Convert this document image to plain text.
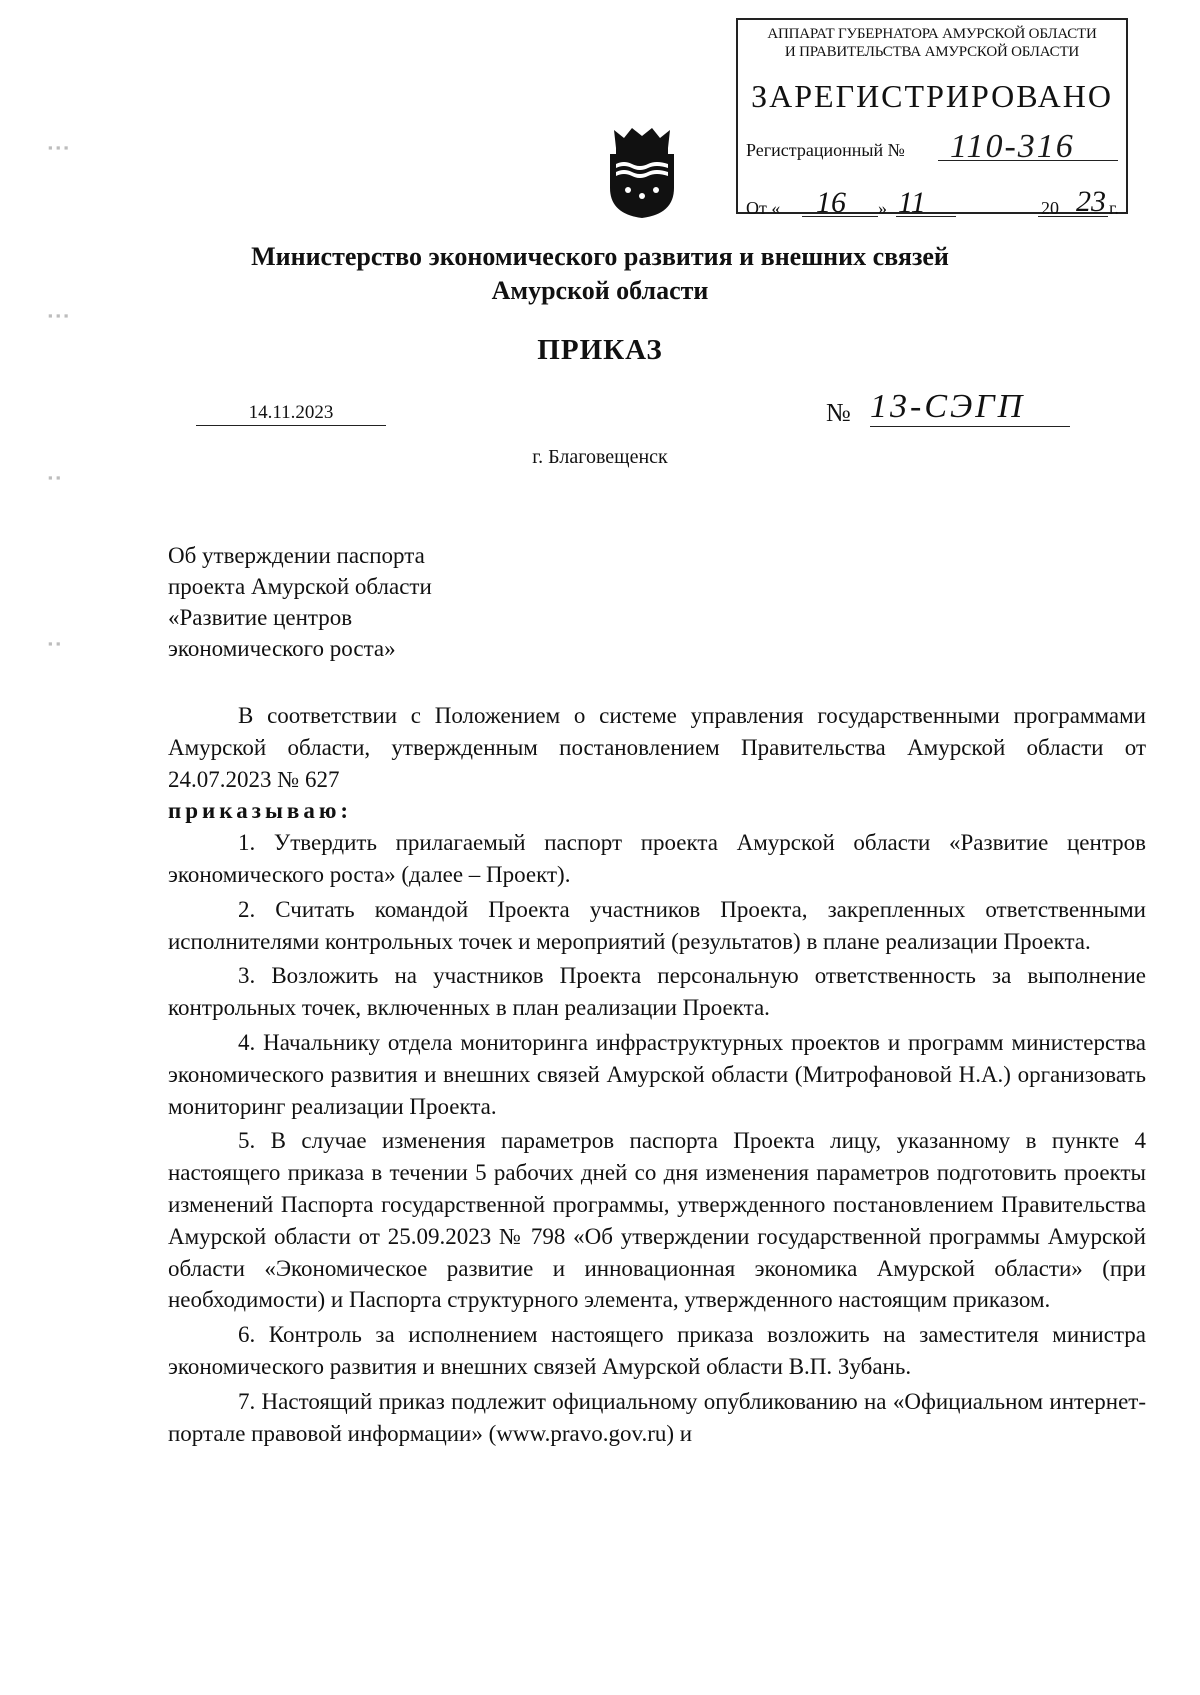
АППАРАТ ГУБЕРНАТОРА АМУРСКОЙ ОБЛАСТИ
И ПРАВИТЕЛЬСТВА АМУРСКОЙ ОБЛАСТИ
ЗАРЕГИСТРИРОВАНО
Регистрационный № 110-316
От « 16 » 11	20 23 г.
Министерство экономического развития и внешних связей
Амурской области
ПРИКАЗ
14.11.2023	№ 13-СЭГП
г. Благовещенск
Об утверждении паспорта
проекта Амурской области
«Развитие центров
экономического роста»

В соответствии с Положением о системе управления государственными программами Амурской области, утвержденным постановлением Правительства Амурской области от 24.07.2023 № 627

приказываю:

1. Утвердить прилагаемый паспорт проекта Амурской области «Развитие центров экономического роста» (далее – Проект).

2. Считать командой Проекта участников Проекта, закрепленных ответственными исполнителями контрольных точек и мероприятий (результатов) в плане реализации Проекта.

3. Возложить на участников Проекта персональную ответственность за выполнение контрольных точек, включенных в план реализации Проекта.

4. Начальнику отдела мониторинга инфраструктурных проектов и программ министерства экономического развития и внешних связей Амурской области (Митрофановой Н.А.) организовать мониторинг реализации Проекта.

5. В случае изменения параметров паспорта Проекта лицу, указанному в пункте 4 настоящего приказа в течении 5 рабочих дней со дня изменения параметров подготовить проекты изменений Паспорта государственной программы, утвержденного постановлением Правительства Амурской области от 25.09.2023 № 798 «Об утверждении государственной программы Амурской области «Экономическое развитие и инновационная экономика Амурской области» (при необходимости) и Паспорта структурного элемента, утвержденного настоящим приказом.

6. Контроль за исполнением настоящего приказа возложить на заместителя министра экономического развития и внешних связей Амурской области В.П. Зубань.

7. Настоящий приказ подлежит официальному опубликованию на «Официальном интернет-портале правовой информации» (www.pravo.gov.ru) и

▪ ▪ ▪
▪ ▪ ▪
▪ ▪
▪ ▪
